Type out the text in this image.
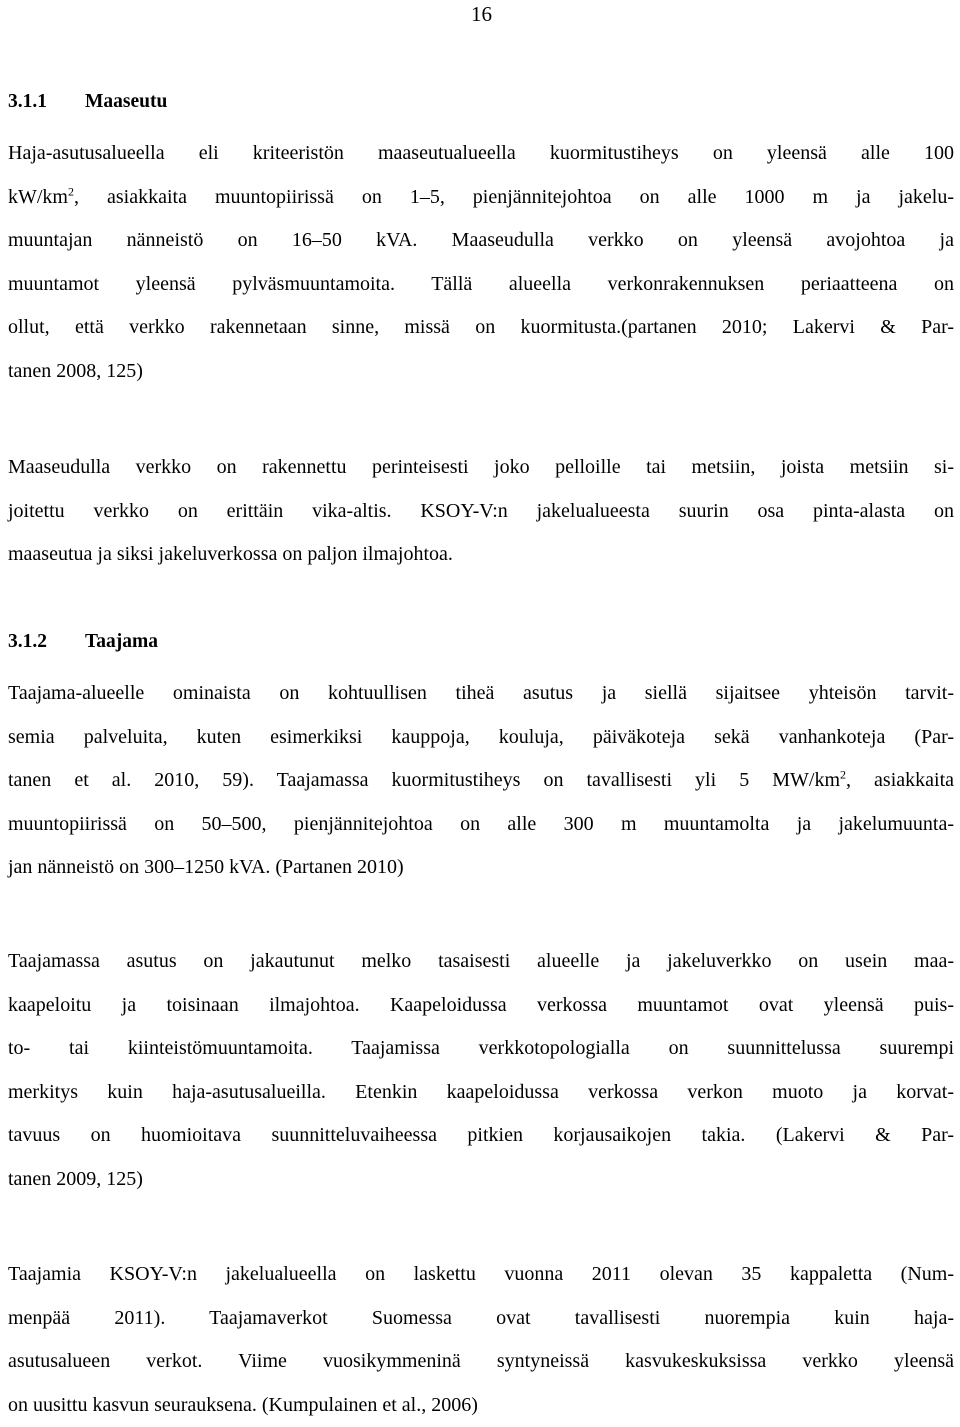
16
3.1.1 Maaseutu
Haja-asutusalueella eli kriteeristön maaseutualueella kuormitustiheys on yleensä alle 100
$kW/km^2$, asiakkaita muuntopiirissä on 1–5, pienjännitejohtoa on alle 1000 m ja jakelu-
muuntajan nänneistö on 16–50 kVA. Maaseudulla verkko on yleensä avojohtoa ja
muuntamot yleensä pylväsmuuntamoita. Tällä alueella verkonrakennuksen periaatteena on
ollut, että verkko rakennetaan sinne, missä on kuormitusta.(partanen 2010; Lakervi & Par-
tanen 2008, 125)
Maaseudulla verkko on rakennettu perinteisesti joko pelloille tai metsiin, joista metsiin si-
joitettu verkko on erittäin vika-altis. KSOY-V:n jakelualueesta suurin osa pinta-alasta on
maaseutua ja siksi jakeluverkossa on paljon ilmajohtoa.
3.1.2 Taajama
Taajama-alueelle ominaista on kohtuullisen tiheä asutus ja siellä sijaitsee yhteisön tarvit-
semia palveluita, kuten esimerkiksi kauppoja, kouluja, päiväkoteja sekä vanhankoteja (Par-
tanen et al. 2010, 59). Taajamassa kuormitustiheys on tavallisesti yli 5 $MW/km^2$, asiakkaita
muuntopiirissä on 50–500, pienjännitejohtoa on alle 300 m muuntamolta ja jakelumuunta-
jan nänneistö on 300–1250 kVA. (Partanen 2010)
Taajamassa asutus on jakautunut melko tasaisesti alueelle ja jakeluverkko on usein maa-
kaapeloitu ja toisinaan ilmajohtoa. Kaapeloidussa verkossa muuntamot ovat yleensä puis-
to- tai kiinteistömuuntamoita. Taajamissa verkkotopologialla on suunnittelussa suurempi
merkitys kuin haja-asutusalueilla. Etenkin kaapeloidussa verkossa verkon muoto ja korvat-
tavuus on huomioitava suunnitteluvaiheessa pitkien korjausaikojen takia. (Lakervi & Par-
tanen 2009, 125)
Taajamia KSOY-V:n jakelualueella on laskettu vuonna 2011 olevan 35 kappaletta (Num-
menpää 2011). Taajamaverkot Suomessa ovat tavallisesti nuorempia kuin haja-
asutusalueen verkot. Viime vuosikymmeninä syntyneissä kasvukeskuksissa verkko yleensä
on uusittu kasvun seurauksena. (Kumpulainen et al., 2006)
